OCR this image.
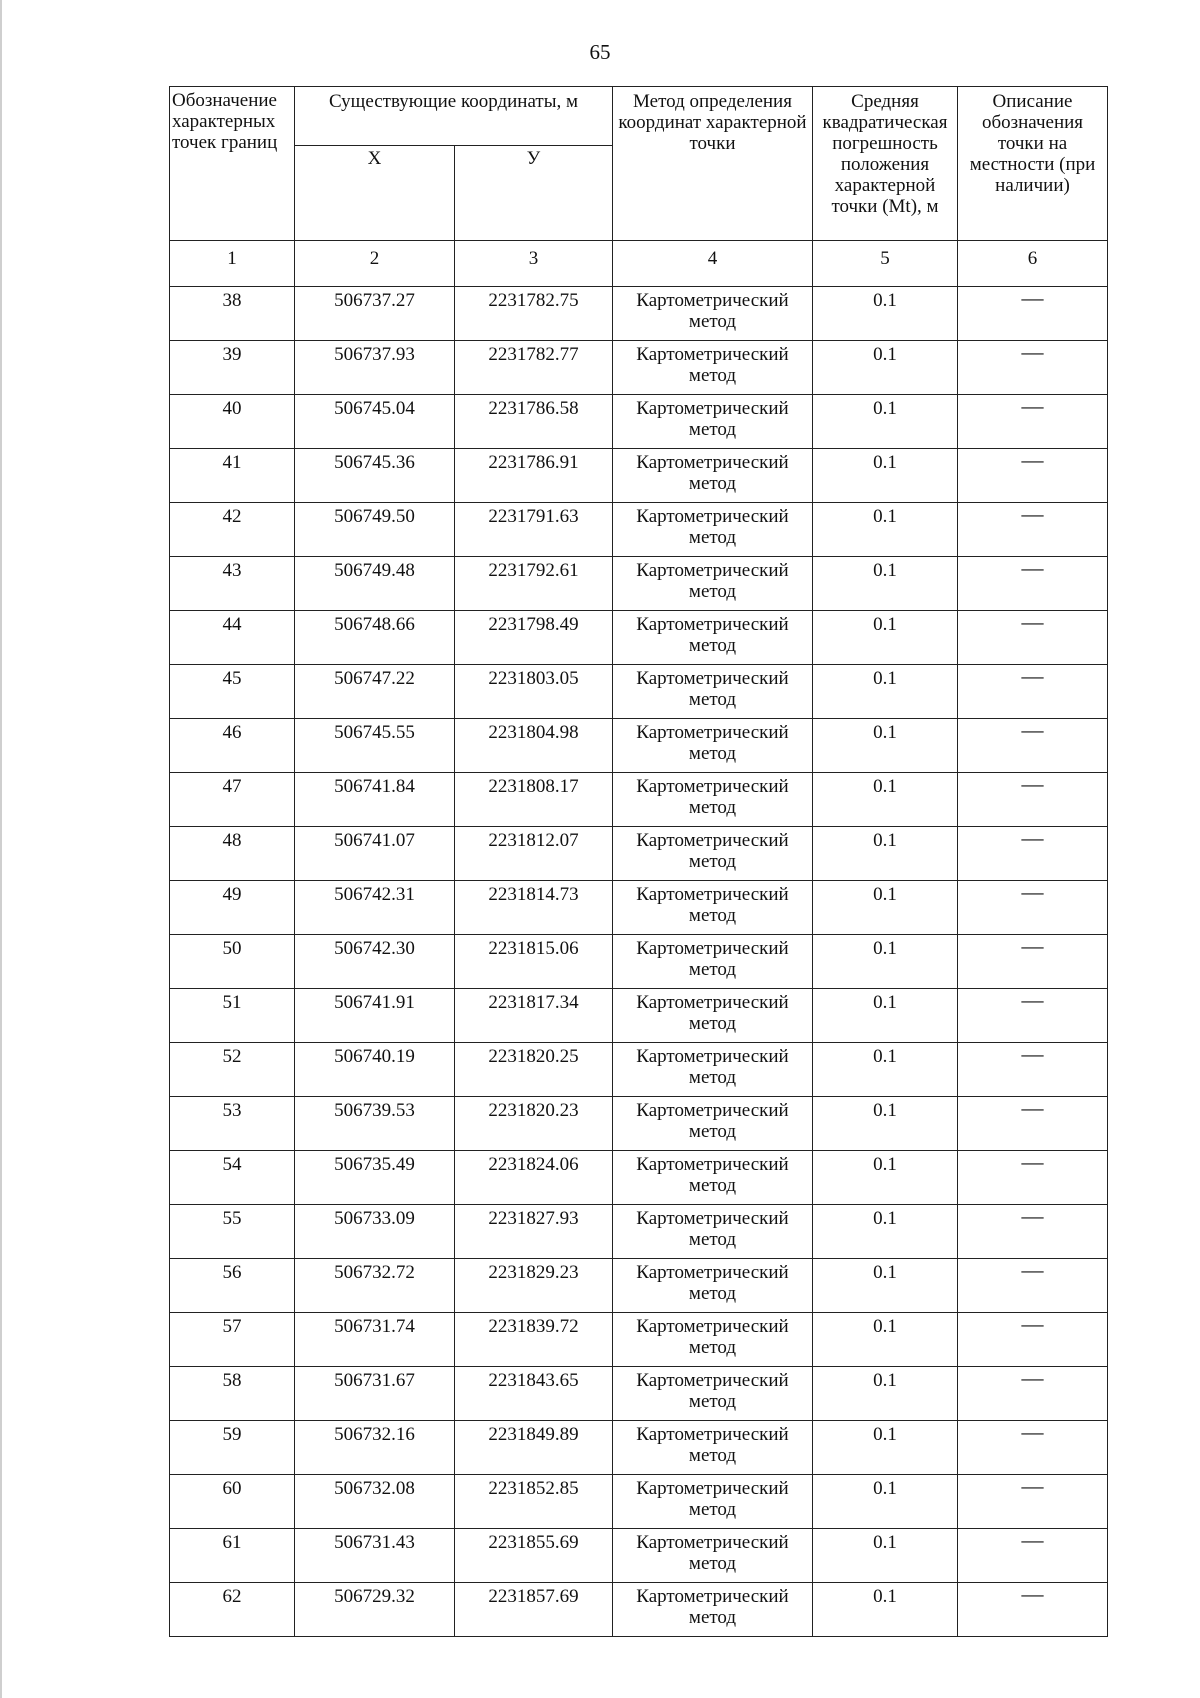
65
Обозначение характерных точек границ	Существующие координаты, м		Метод определения координат характерной точки	Средняя квадратическая погрешность положения характерной точки (Mt), м	Описание обозначения точки на местности (при наличии)
	Х	У			
1	2	3	4	5	6
38	506737.27	2231782.75	Картометрический метод	0.1	—
39	506737.93	2231782.77	Картометрический метод	0.1	—
40	506745.04	2231786.58	Картометрический метод	0.1	—
41	506745.36	2231786.91	Картометрический метод	0.1	—
42	506749.50	2231791.63	Картометрический метод	0.1	—
43	506749.48	2231792.61	Картометрический метод	0.1	—
44	506748.66	2231798.49	Картометрический метод	0.1	—
45	506747.22	2231803.05	Картометрический метод	0.1	—
46	506745.55	2231804.98	Картометрический метод	0.1	—
47	506741.84	2231808.17	Картометрический метод	0.1	—
48	506741.07	2231812.07	Картометрический метод	0.1	—
49	506742.31	2231814.73	Картометрический метод	0.1	—
50	506742.30	2231815.06	Картометрический метод	0.1	—
51	506741.91	2231817.34	Картометрический метод	0.1	—
52	506740.19	2231820.25	Картометрический метод	0.1	—
53	506739.53	2231820.23	Картометрический метод	0.1	—
54	506735.49	2231824.06	Картометрический метод	0.1	—
55	506733.09	2231827.93	Картометрический метод	0.1	—
56	506732.72	2231829.23	Картометрический метод	0.1	—
57	506731.74	2231839.72	Картометрический метод	0.1	—
58	506731.67	2231843.65	Картометрический метод	0.1	—
59	506732.16	2231849.89	Картометрический метод	0.1	—
60	506732.08	2231852.85	Картометрический метод	0.1	—
61	506731.43	2231855.69	Картометрический метод	0.1	—
62	506729.32	2231857.69	Картометрический метод	0.1	—
